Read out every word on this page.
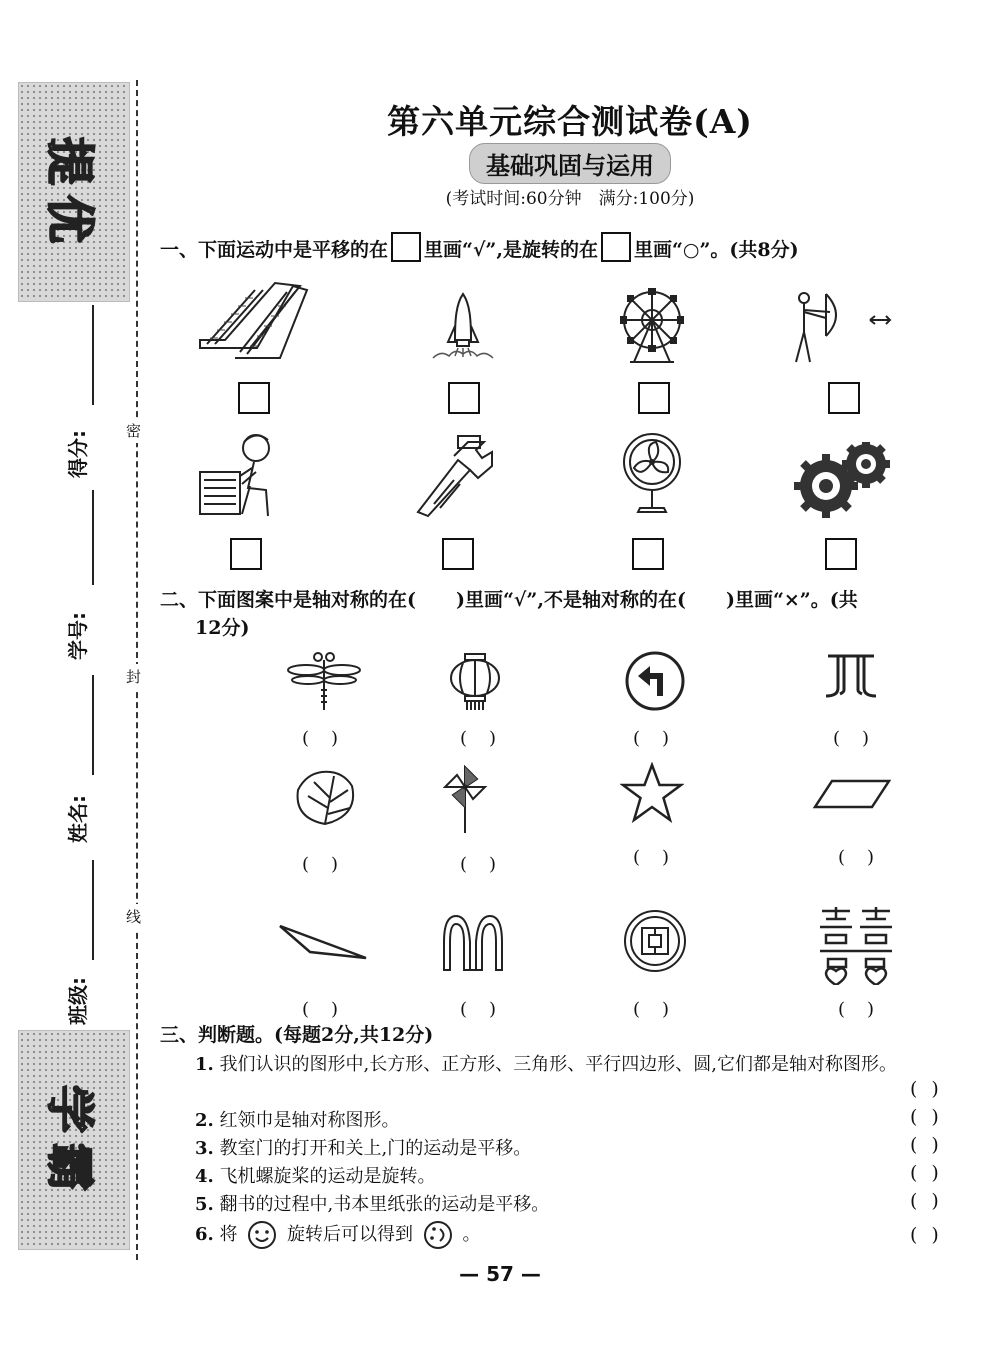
提优
学霸
得分:
学号:
姓名:
班级:
密
封
线
第六单元综合测试卷(A)
基础巩固与运用
(考试时间:60分钟　满分:100分)
一、下面运动中是平移的在 里画“√”,是旋转的在 里画“○”。(共8分)
二、下面图案中是轴对称的在( )里画“√”,不是轴对称的在( )里画“×”。(共
12分)
(　)	(　)	(　)	(　)
(　)	(　)	(　)	(　)
(　)	(　)	(　)	(　)
三、判断题。(每题2分,共12分)
1. 我们认识的图形中,长方形、正方形、三角形、平行四边形、圆,它们都是轴对称图形。
()
2. 红领巾是轴对称图形。	()
3. 教室门的打开和关上,门的运动是平移。	()
4. 飞机螺旋桨的运动是旋转。	()
5. 翻书的过程中,书本里纸张的运动是平移。	()
6. 将	旋转后可以得到	。	()
— 57 —
